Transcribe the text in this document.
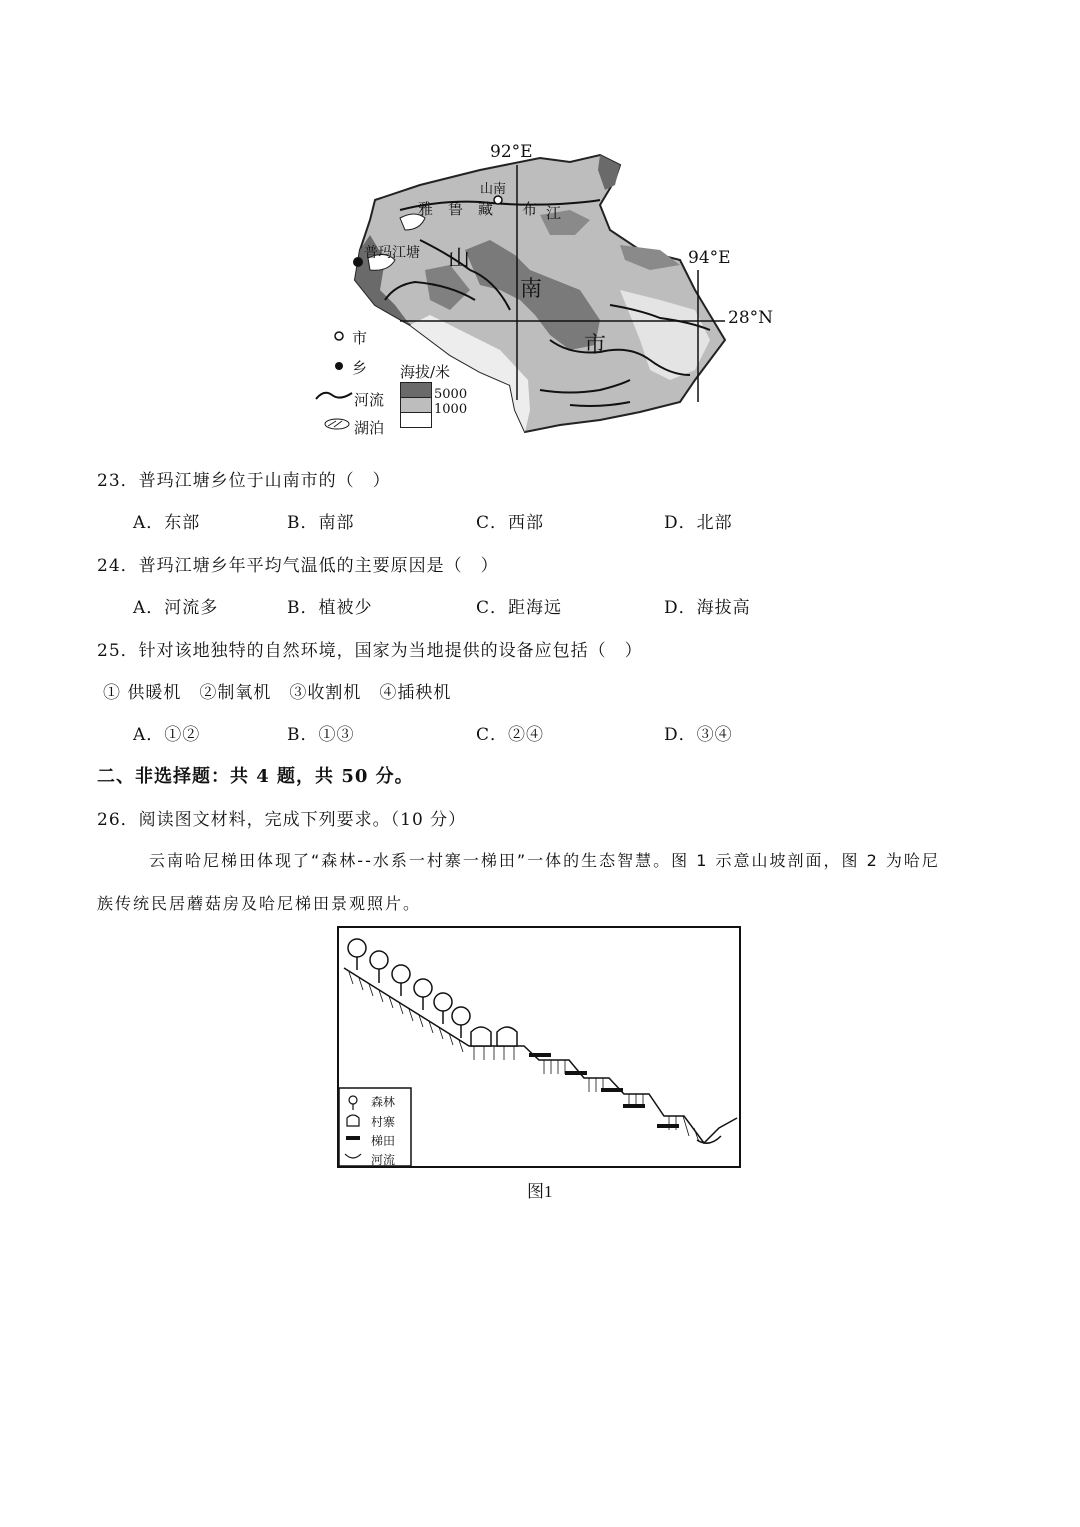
92°E
94°E
28°N
山南
雅 鲁 藏 布 江
普玛江塘 山
南
市
市
乡
河流
湖泊
海拔/米
5000
1000
23．普玛江塘乡位于山南市的（　）
A．东部	B．南部	C．西部	D．北部
24．普玛江塘乡年平均气温低的主要原因是（　）
A．河流多	B．植被少	C．距海远	D．海拔高
25．针对该地独特的自然环境，国家为当地提供的设备应包括（　）
① 供暖机　②制氧机　③收割机　④插秧机
A．①②	B．①③	C．②④	D．③④
二、非选择题：共 4 题，共 50 分。
26．阅读图文材料，完成下列要求。（10 分）
云南哈尼梯田体现了“森林--水系一村寨一梯田”一体的生态智慧。图 1 示意山坡剖面，图 2 为哈尼
族传统民居蘑菇房及哈尼梯田景观照片。
森林
村寨
梯田
河流
图1
